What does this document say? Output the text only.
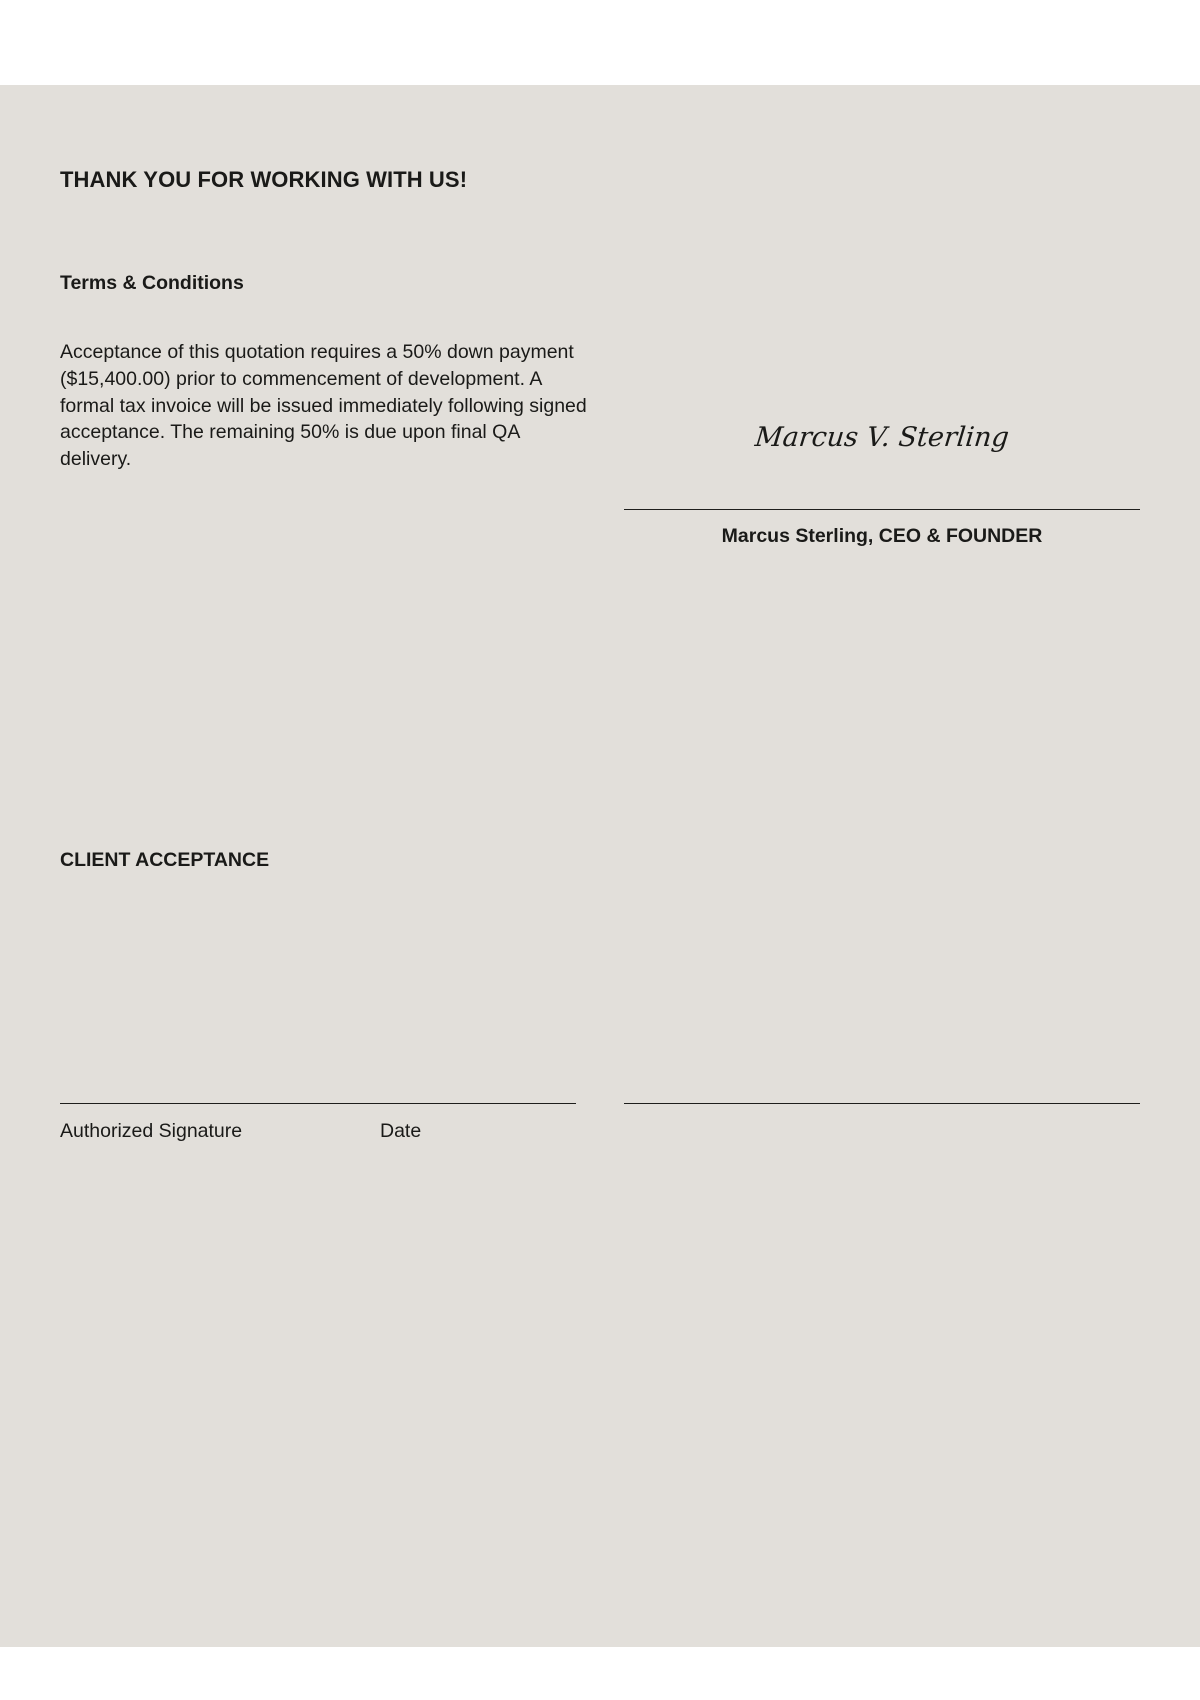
THANK YOU FOR WORKING WITH US!
Terms & Conditions

Acceptance of this quotation requires a 50% down payment ($15,400.00) prior to commencement of development. A formal tax invoice will be issued immediately following signed acceptance. The remaining 50% is due upon final QA delivery.

Marcus V. Sterling
Marcus Sterling, CEO & FOUNDER
CLIENT ACCEPTANCE
Authorized Signature	Date
